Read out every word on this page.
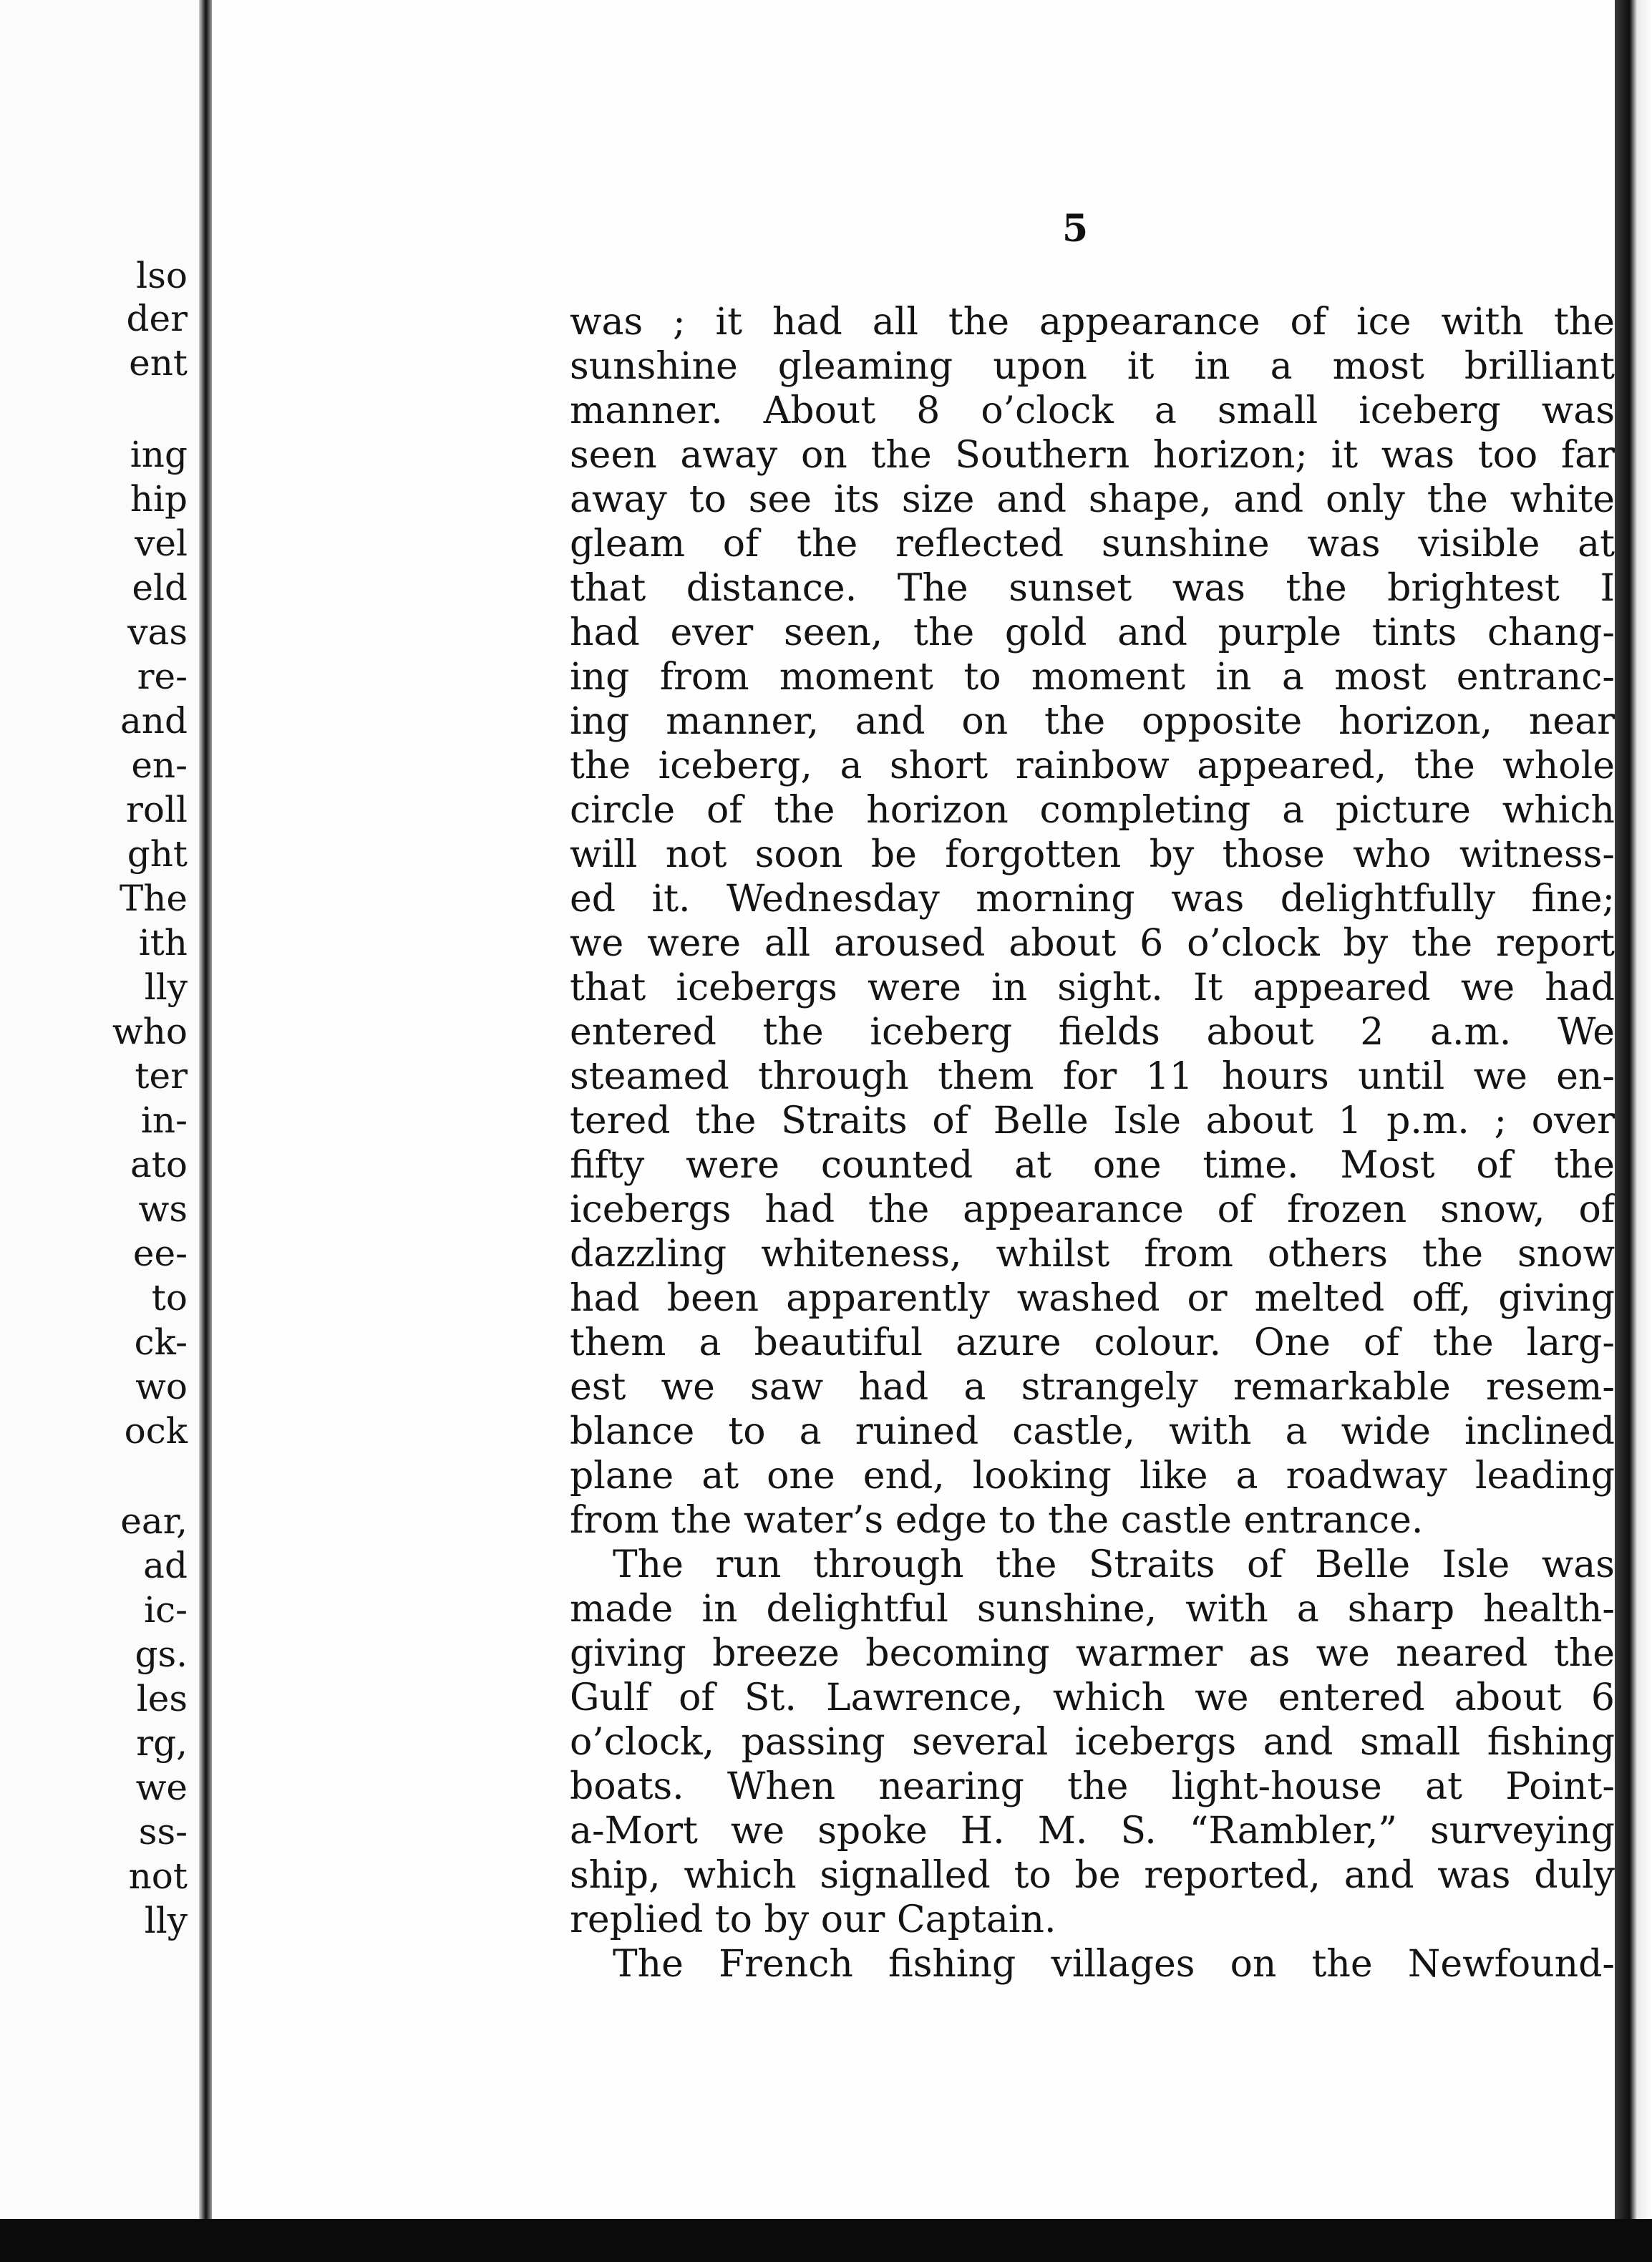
lso

der

ent

ing

hip

vel

eld

vas

re-

and

en-

roll

ght

The

ith

lly

who

ter

in-

ato

ws

ee-

to

ck-

wo

ock

ear,

ad

ic-

gs.

les

rg,

we

ss-

not

lly

5

was ; it had all the appearance of ice with the

sunshine gleaming upon it in a most brilliant

manner. About 8 o’clock a small iceberg was

seen away on the Southern horizon; it was too far

away to see its size and shape, and only the white

gleam of the reflected sunshine was visible at

that distance. The sunset was the brightest I

had ever seen, the gold and purple tints chang-

ing from moment to moment in a most entranc-

ing manner, and on the opposite horizon, near

the iceberg, a short rainbow appeared, the whole

circle of the horizon completing a picture which

will not soon be forgotten by those who witness-

ed it. Wednesday morning was delightfully fine;

we were all aroused about 6 o’clock by the report

that icebergs were in sight. It appeared we had

entered the iceberg fields about 2 a.m. We

steamed through them for 11 hours until we en-

tered the Straits of Belle Isle about 1 p.m. ; over

fifty were counted at one time. Most of the

icebergs had the appearance of frozen snow, of

dazzling whiteness, whilst from others the snow

had been apparently washed or melted off, giving

them a beautiful azure colour. One of the larg-

est we saw had a strangely remarkable resem-

blance to a ruined castle, with a wide inclined

plane at one end, looking like a roadway leading

from the water’s edge to the castle entrance.

The run through the Straits of Belle Isle was

made in delightful sunshine, with a sharp health-

giving breeze becoming warmer as we neared the

Gulf of St. Lawrence, which we entered about 6

o’clock, passing several icebergs and small fishing

boats. When nearing the light-house at Point-

a-Mort we spoke H. M. S. “Rambler,” surveying

ship, which signalled to be reported, and was duly

replied to by our Captain.

The French fishing villages on the Newfound-
